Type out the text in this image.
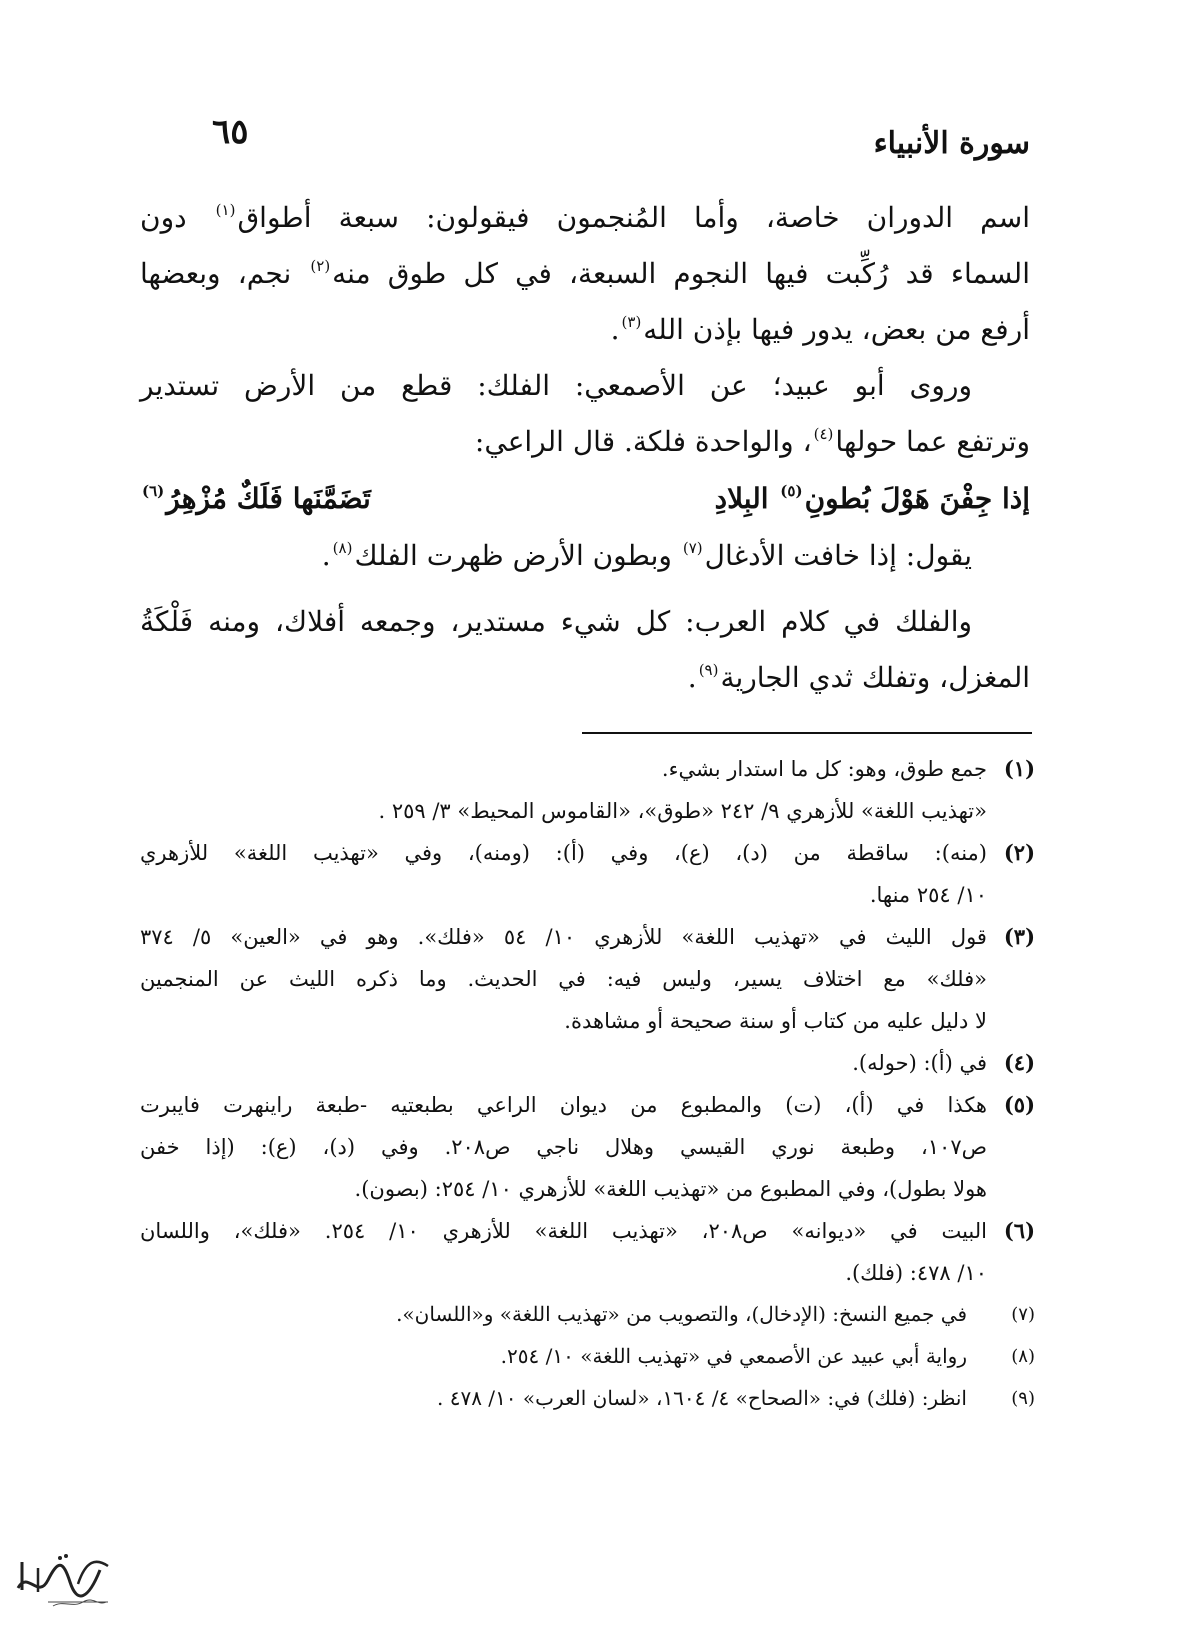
سورة الأنبياء
٦٥
اسم الدوران خاصة، وأما المُنجمون فيقولون: سبعة أطواق$^{(١)}$ دون
السماء قد رُكِّبت فيها النجوم السبعة، في كل طوق منه$^{(٢)}$ نجم، وبعضها
أرفع من بعض، يدور فيها بإذن الله$^{(٣)}$.
وروى أبو عبيد؛ عن الأصمعي: الفلك: قطع من الأرض تستدير
وترتفع عما حولها$^{(٤)}$، والواحدة فلكة. قال الراعي:
إذا جِفْنَ هَوْلَ بُطونِ$^{(٥)}$ البِلادِ
تَضَمَّنَها فَلَكٌ مُزْهِرُ$^{(٦)}$
يقول: إذا خافت الأدغال$^{(٧)}$ وبطون الأرض ظهرت الفلك$^{(٨)}$.
والفلك في كلام العرب: كل شيء مستدير، وجمعه أفلاك، ومنه فَلْكَةُ
المغزل، وتفلك ثدي الجارية$^{(٩)}$.
(١)
جمع طوق، وهو: كل ما استدار بشيء.
«تهذيب اللغة» للأزهري ٩/ ٢٤٢ «طوق»، «القاموس المحيط» ٣/ ٢٥٩ .
(٢)
(منه): ساقطة من (د)، (ع)، وفي (أ): (ومنه)، وفي «تهذيب اللغة» للأزهري
١٠/ ٢٥٤ منها.
(٣)
قول الليث في «تهذيب اللغة» للأزهري ١٠/ ٥٤ «فلك». وهو في «العين» ٥/ ٣٧٤
«فلك» مع اختلاف يسير، وليس فيه: في الحديث. وما ذكره الليث عن المنجمين
لا دليل عليه من كتاب أو سنة صحيحة أو مشاهدة.
(٤)
في (أ): (حوله).
(٥)
هكذا في (أ)، (ت) والمطبوع من ديوان الراعي بطبعتيه -طبعة راينهرت فايبرت
ص١٠٧، وطبعة نوري القيسي وهلال ناجي ص٢٠٨. وفي (د)، (ع): (إذا خفن
هولا بطول)، وفي المطبوع من «تهذيب اللغة» للأزهري ١٠/ ٢٥٤: (بصون).
(٦)
البيت في «ديوانه» ص٢٠٨، «تهذيب اللغة» للأزهري ١٠/ ٢٥٤. «فلك»، واللسان
١٠/ ٤٧٨: (فلك).
(٧)
في جميع النسخ: (الإدخال)، والتصويب من «تهذيب اللغة» و«اللسان».
(٨)
رواية أبي عبيد عن الأصمعي في «تهذيب اللغة» ١٠/ ٢٥٤.
(٩)
انظر: (فلك) في: «الصحاح» ٤/ ١٦٠٤، «لسان العرب» ١٠/ ٤٧٨ .
